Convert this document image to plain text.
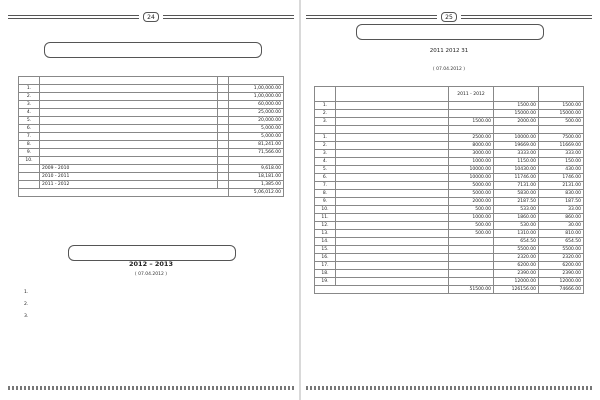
24

1.			1,00,000.00
2.			1,00,000.00
3.			60,000.00
4.			25,000.00
5.			20,000.00
6.			5,000.00
7.			5,000.00
8.			81,241.00
9.			71,566.00
10.			
	2009 - 2010		9,618.00
	2010 - 2011		18,181.00
	2011 - 2012		1,385.00
			5,06,012.00
2012 – 2013
( 07.04.2012 )
1.
2.
3.
25
2011 2012 31
( 07.04.2012 )
		2011 - 2012		
1.			1500.00	1500.00
2.			15000.00	15000.00
3.		1500.00	2000.00	500.00

1.		2500.00	10000.00	7500.00
2.		8000.00	19669.00	11669.00
3.		3000.00	3333.00	333.00
4.		1000.00	1150.00	150.00
5.		10000.00	10430.00	430.00
6.		10000.00	11746.00	1746.00
7.		5000.00	7131.00	2131.00
8.		5000.00	5830.00	830.00
9.		2000.00	2187.50	187.50
10.		500.00	533.00	33.00
11.		1000.00	1860.00	860.00
12.		500.00	530.00	30.00
13.		500.00	1310.00	810.00
14.			654.50	654.50
15.			5500.00	5500.00
16.			2320.00	2320.00
17.			6200.00	6200.00
18.			2390.00	2390.00
19.			12000.00	12000.00
		51500.00	126156.00	74666.00
